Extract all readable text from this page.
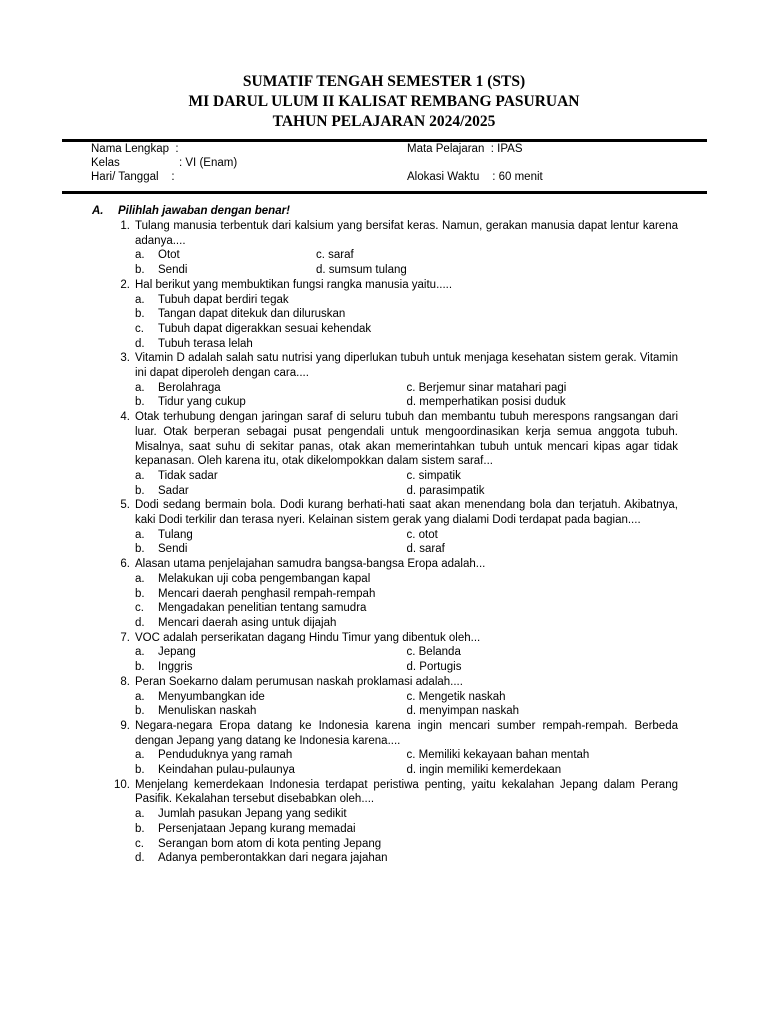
SUMATIF TENGAH SEMESTER 1 (STS)
MI DARUL ULUM II KALISAT REMBANG PASURUAN
TAHUN PELAJARAN 2024/2025
Nama Lengkap  :
Kelas	: VI (Enam)
Hari/ Tanggal    :
Mata Pelajaran  : IPAS
Alokasi Waktu    : 60 menit
A. Pilihlah jawaban dengan benar!
1. Tulang manusia terbentuk dari kalsium yang bersifat keras. Namun, gerakan manusia dapat lentur karena adanya....
a. Otot	c. saraf
b. Sendi	d. sumsum tulang
2. Hal berikut yang membuktikan fungsi rangka manusia yaitu.....
a. Tubuh dapat berdiri tegak
b. Tangan dapat ditekuk dan diluruskan
c. Tubuh dapat digerakkan sesuai kehendak
d. Tubuh terasa lelah
3. Vitamin D adalah salah satu nutrisi yang diperlukan tubuh untuk menjaga kesehatan sistem gerak. Vitamin ini dapat diperoleh dengan cara....
a. Berolahraga	c. Berjemur sinar matahari pagi
b. Tidur yang cukup	d. memperhatikan posisi duduk
4. Otak terhubung dengan jaringan saraf di seluru tubuh dan membantu tubuh merespons rangsangan dari luar. Otak berperan sebagai pusat pengendali untuk mengoordinasikan kerja semua anggota tubuh. Misalnya, saat suhu di sekitar panas, otak akan memerintahkan tubuh untuk mencari kipas agar tidak kepanasan. Oleh karena itu, otak dikelompokkan dalam sistem saraf...
a. Tidak sadar	c. simpatik
b. Sadar	d. parasimpatik
5. Dodi sedang bermain bola. Dodi kurang berhati-hati saat akan menendang bola dan terjatuh. Akibatnya, kaki Dodi terkilir dan terasa nyeri. Kelainan sistem gerak yang dialami Dodi terdapat pada bagian....
a. Tulang	c. otot
b. Sendi	d. saraf
6. Alasan utama penjelajahan samudra bangsa-bangsa Eropa adalah...
a. Melakukan uji coba pengembangan kapal
b. Mencari daerah penghasil rempah-rempah
c. Mengadakan penelitian tentang samudra
d. Mencari daerah asing untuk dijajah
7. VOC adalah perserikatan dagang Hindu Timur yang dibentuk oleh...
a. Jepang	c. Belanda
b. Inggris	d. Portugis
8. Peran Soekarno dalam perumusan naskah proklamasi adalah....
a. Menyumbangkan ide	c. Mengetik naskah
b. Menuliskan naskah	d. menyimpan naskah
9. Negara-negara Eropa datang ke Indonesia karena ingin mencari sumber rempah-rempah. Berbeda dengan Jepang yang datang ke Indonesia karena....
a. Penduduknya yang ramah	c. Memiliki kekayaan bahan mentah
b. Keindahan pulau-pulaunya	d. ingin memiliki kemerdekaan
10. Menjelang kemerdekaan Indonesia terdapat peristiwa penting, yaitu kekalahan Jepang dalam Perang Pasifik. Kekalahan tersebut disebabkan oleh....
a. Jumlah pasukan Jepang yang sedikit
b. Persenjataan Jepang kurang memadai
c. Serangan bom atom di kota penting Jepang
d. Adanya pemberontakkan dari negara jajahan
